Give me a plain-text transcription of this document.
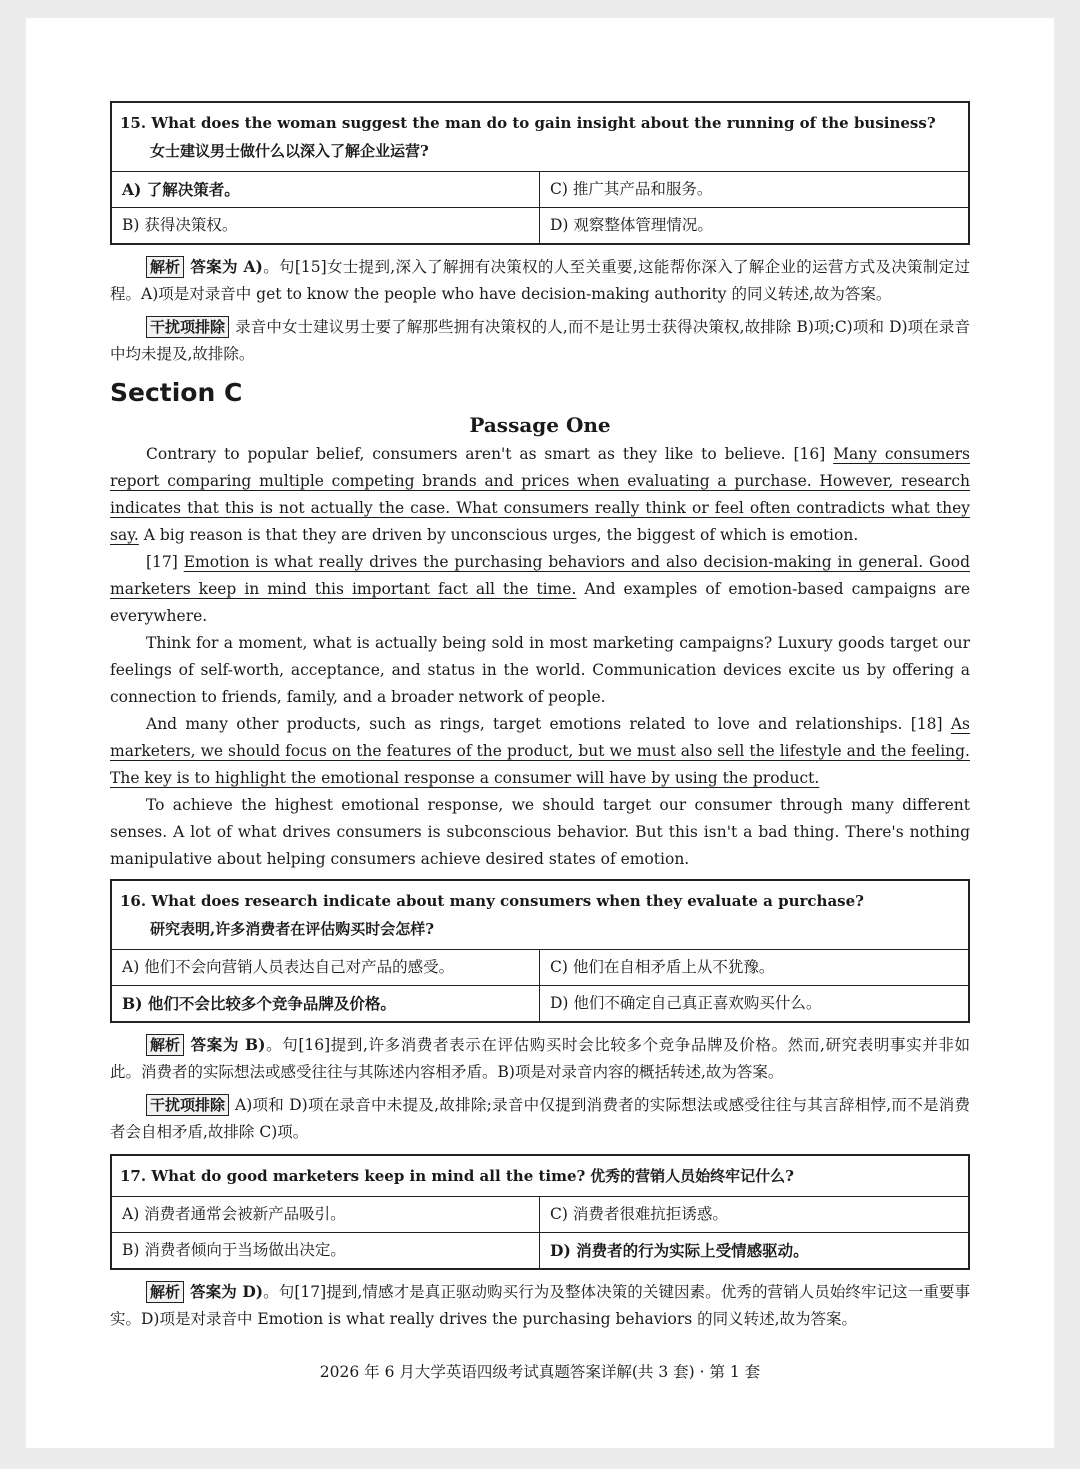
15. What does the woman suggest the man do to gain insight about the running of the business?
女士建议男士做什么以深入了解企业运营?
A) 了解决策者。	C) 推广其产品和服务。
B) 获得决策权。	D) 观察整体管理情况。

解析 答案为 A)。句[15]女士提到,深入了解拥有决策权的人至关重要,这能帮你深入了解企业的运营方式及决策制定过程。A)项是对录音中 get to know the people who have decision-making authority 的同义转述,故为答案。

干扰项排除 录音中女士建议男士要了解那些拥有决策权的人,而不是让男士获得决策权,故排除 B)项;C)项和 D)项在录音中均未提及,故排除。

Section C
Passage One

Contrary to popular belief, consumers aren't as smart as they like to believe. [16] Many consumers report comparing multiple competing brands and prices when evaluating a purchase. However, research indicates that this is not actually the case. What consumers really think or feel often contradicts what they say. A big reason is that they are driven by unconscious urges, the biggest of which is emotion.

[17] Emotion is what really drives the purchasing behaviors and also decision-making in general. Good marketers keep in mind this important fact all the time. And examples of emotion-based campaigns are everywhere.

Think for a moment, what is actually being sold in most marketing campaigns? Luxury goods target our feelings of self-worth, acceptance, and status in the world. Communication devices excite us by offering a connection to friends, family, and a broader network of people.

And many other products, such as rings, target emotions related to love and relationships. [18] As marketers, we should focus on the features of the product, but we must also sell the lifestyle and the feeling. The key is to highlight the emotional response a consumer will have by using the product.

To achieve the highest emotional response, we should target our consumer through many different senses. A lot of what drives consumers is subconscious behavior. But this isn't a bad thing. There's nothing manipulative about helping consumers achieve desired states of emotion.

16. What does research indicate about many consumers when they evaluate a purchase?
研究表明,许多消费者在评估购买时会怎样?
A) 他们不会向营销人员表达自己对产品的感受。	C) 他们在自相矛盾上从不犹豫。
B) 他们不会比较多个竞争品牌及价格。	D) 他们不确定自己真正喜欢购买什么。

解析 答案为 B)。句[16]提到,许多消费者表示在评估购买时会比较多个竞争品牌及价格。然而,研究表明事实并非如此。消费者的实际想法或感受往往与其陈述内容相矛盾。B)项是对录音内容的概括转述,故为答案。

干扰项排除 A)项和 D)项在录音中未提及,故排除;录音中仅提到消费者的实际想法或感受往往与其言辞相悖,而不是消费者会自相矛盾,故排除 C)项。

17. What do good marketers keep in mind all the time? 优秀的营销人员始终牢记什么?
A) 消费者通常会被新产品吸引。	C) 消费者很难抗拒诱惑。
B) 消费者倾向于当场做出决定。	D) 消费者的行为实际上受情感驱动。

解析 答案为 D)。句[17]提到,情感才是真正驱动购买行为及整体决策的关键因素。优秀的营销人员始终牢记这一重要事实。D)项是对录音中 Emotion is what really drives the purchasing behaviors 的同义转述,故为答案。

2026 年 6 月大学英语四级考试真题答案详解(共 3 套) · 第 1 套
